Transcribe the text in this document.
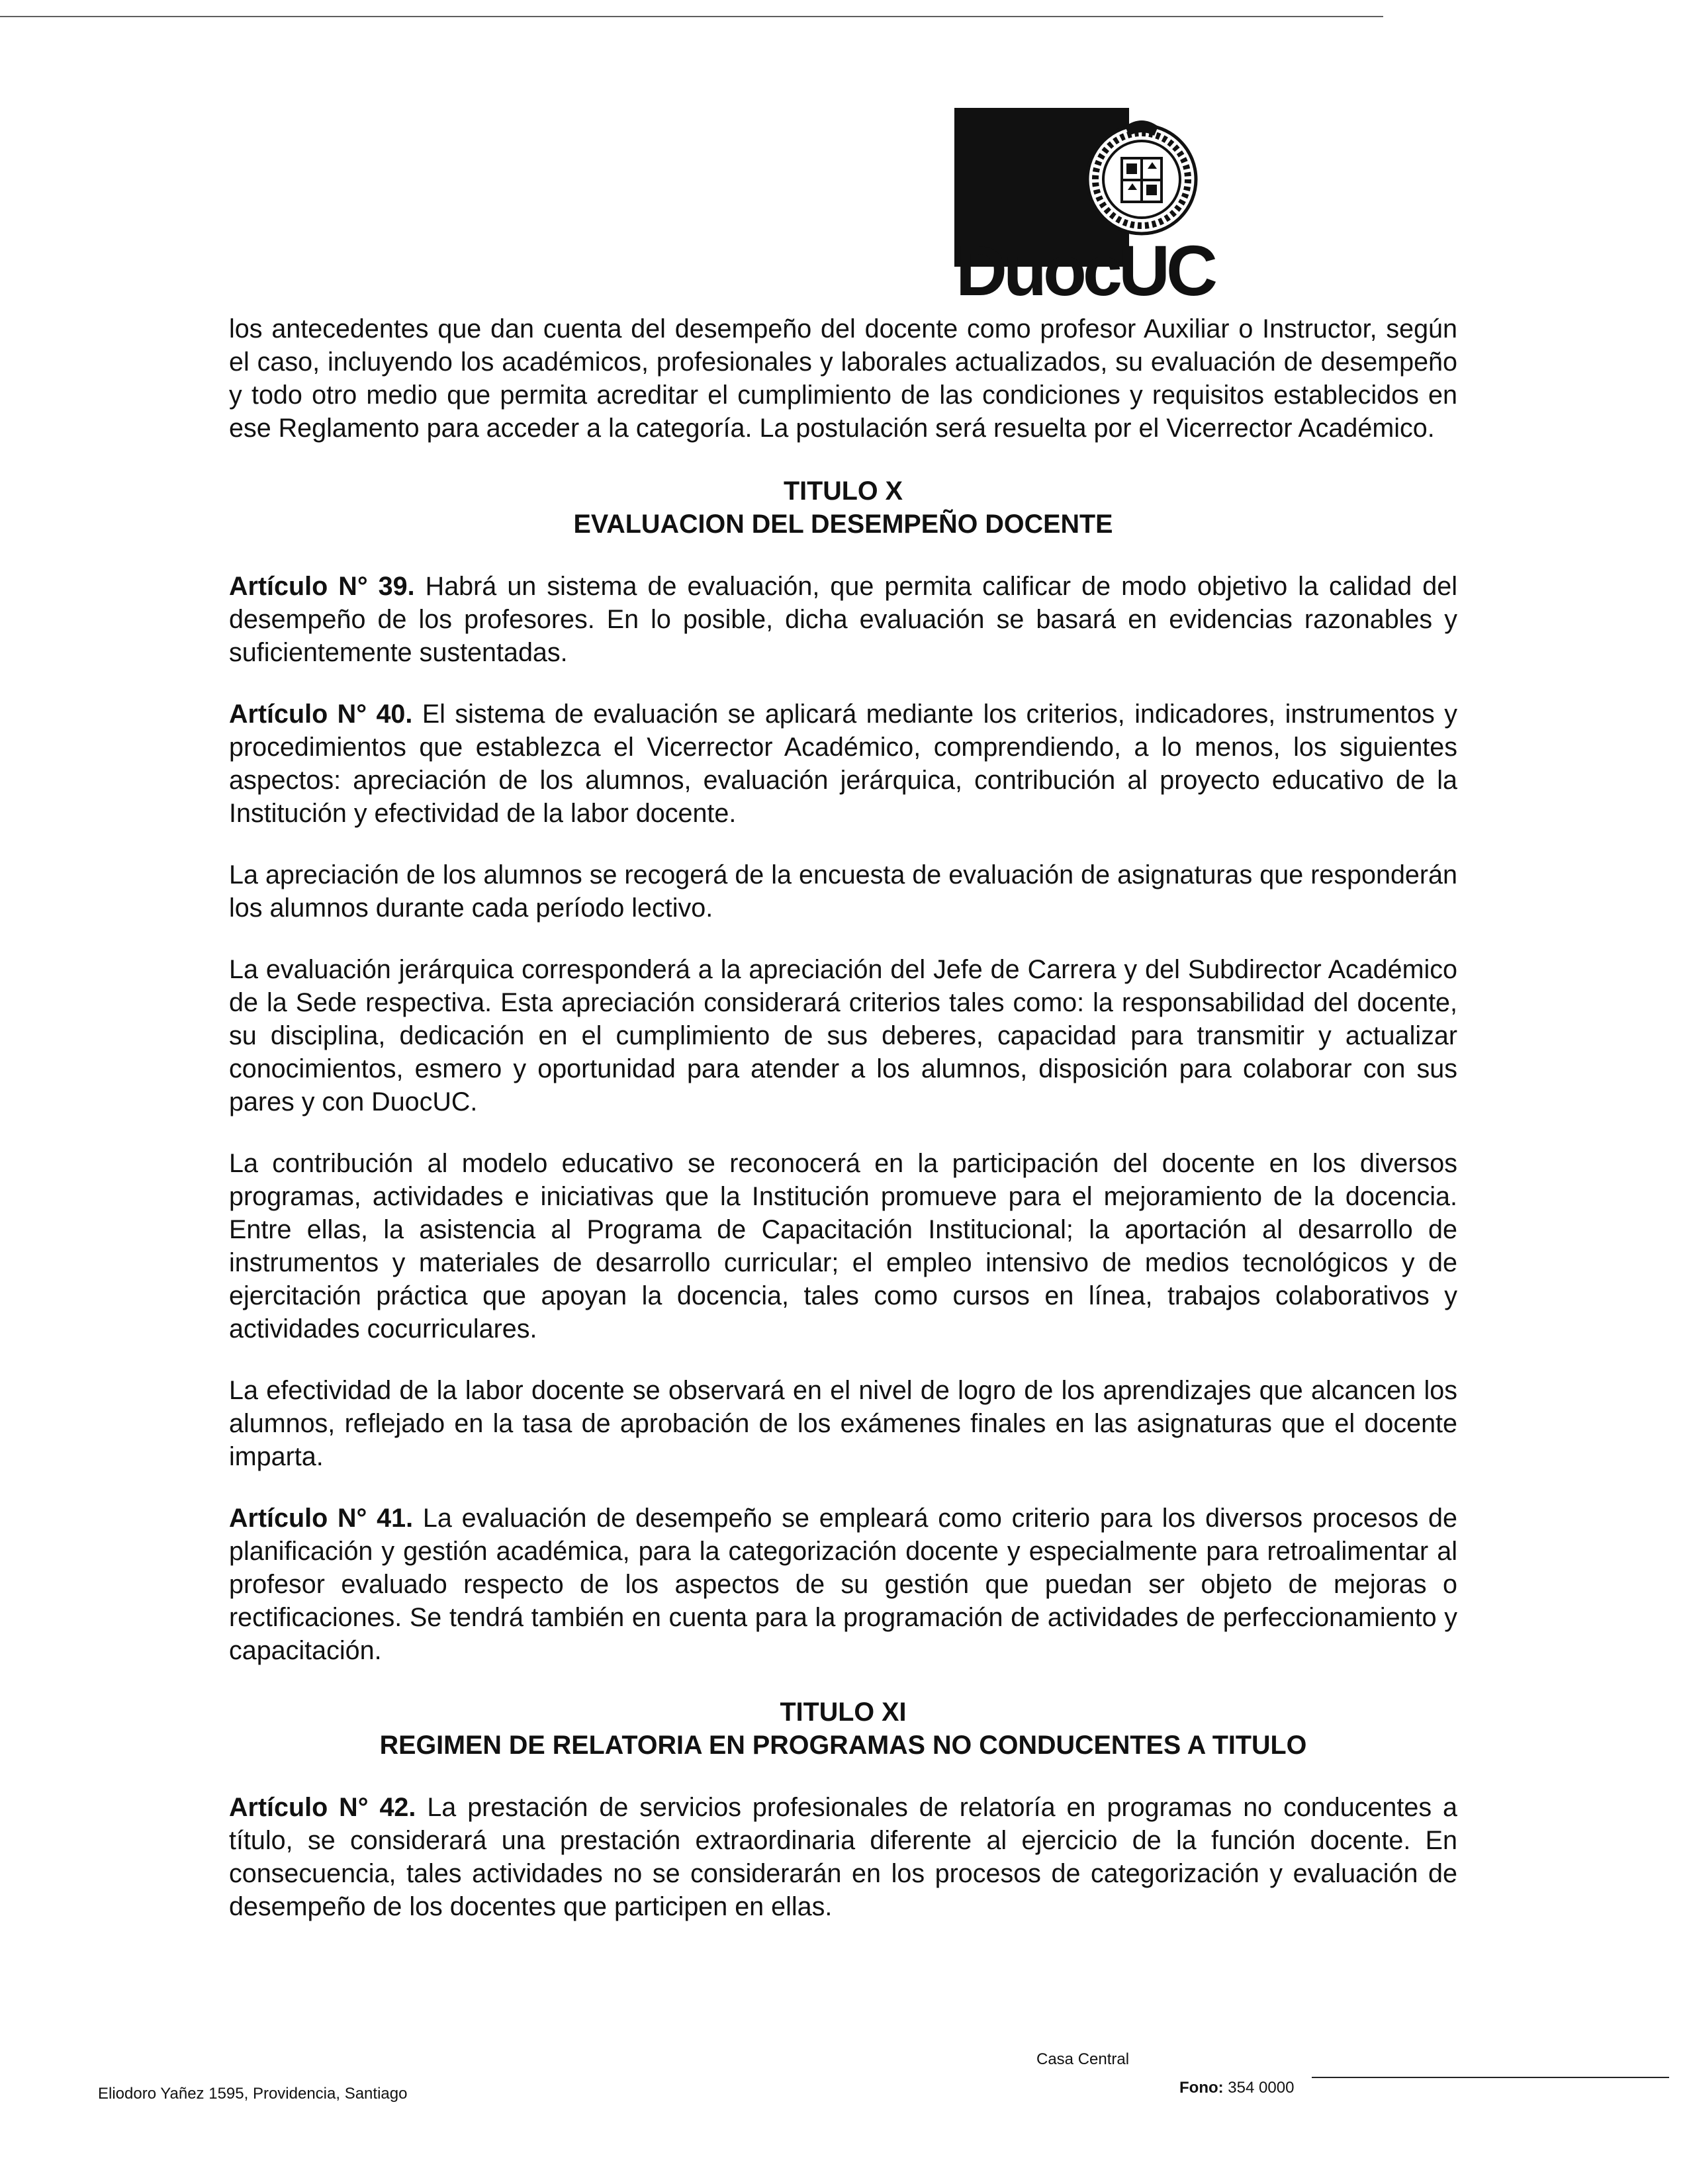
DuocUC

los antecedentes que dan cuenta del desempeño del docente como profesor Auxiliar o Instructor, según el caso, incluyendo los académicos, profesionales y laborales actualizados, su evaluación de desempeño y todo otro medio que permita acreditar el cumplimiento de las condiciones y requisitos establecidos en ese Reglamento para acceder a la categoría. La postulación será resuelta por el Vicerrector Académico.

TITULO X
EVALUACION DEL DESEMPEÑO DOCENTE

Artículo N° 39. Habrá un sistema de evaluación, que permita calificar de modo objetivo la calidad del desempeño de los profesores. En lo posible, dicha evaluación se basará en evidencias razonables y suficientemente sustentadas.

Artículo N° 40. El sistema de evaluación se aplicará mediante los criterios, indicadores, instrumentos y procedimientos que establezca el Vicerrector Académico, comprendiendo, a lo menos, los siguientes aspectos: apreciación de los alumnos, evaluación jerárquica, contribución al proyecto educativo de la Institución y efectividad de la labor docente.

La apreciación de los alumnos se recogerá de la encuesta de evaluación de asignaturas que responderán los alumnos durante cada período lectivo.

La evaluación jerárquica corresponderá a la apreciación del Jefe de Carrera y del Subdirector Académico de la Sede respectiva. Esta apreciación considerará criterios tales como: la responsabilidad del docente, su disciplina, dedicación en el cumplimiento de sus deberes, capacidad para transmitir y actualizar conocimientos, esmero y oportunidad para atender a los alumnos, disposición para colaborar con sus pares y con DuocUC.

La contribución al modelo educativo se reconocerá en la participación del docente en los diversos programas, actividades e iniciativas que la Institución promueve para el mejoramiento de la docencia. Entre ellas, la asistencia al Programa de Capacitación Institucional; la aportación al desarrollo de instrumentos y materiales de desarrollo curricular; el empleo intensivo de medios tecnológicos y de ejercitación práctica que apoyan la docencia, tales como cursos en línea, trabajos colaborativos y actividades cocurriculares.

La efectividad de la labor docente se observará en el nivel de logro de los aprendizajes que alcancen los alumnos, reflejado en la tasa de aprobación de los exámenes finales en las asignaturas que el docente imparta.

Artículo N° 41. La evaluación de desempeño se empleará como criterio para los diversos procesos de planificación y gestión académica, para la categorización docente y especialmente para retroalimentar al profesor evaluado respecto de los aspectos de su gestión que puedan ser objeto de mejoras o rectificaciones. Se tendrá también en cuenta para la programación de actividades de perfeccionamiento y capacitación.

TITULO XI
REGIMEN DE RELATORIA EN PROGRAMAS NO CONDUCENTES A TITULO

Artículo N° 42. La prestación de servicios profesionales de relatoría en programas no conducentes a título, se considerará una prestación extraordinaria diferente al ejercicio de la función docente. En consecuencia, tales actividades no se considerarán en los procesos de categorización y evaluación de desempeño de los docentes que participen en ellas.

Casa Central
Eliodoro Yañez 1595, Providencia, Santiago	Fono: 354 0000
